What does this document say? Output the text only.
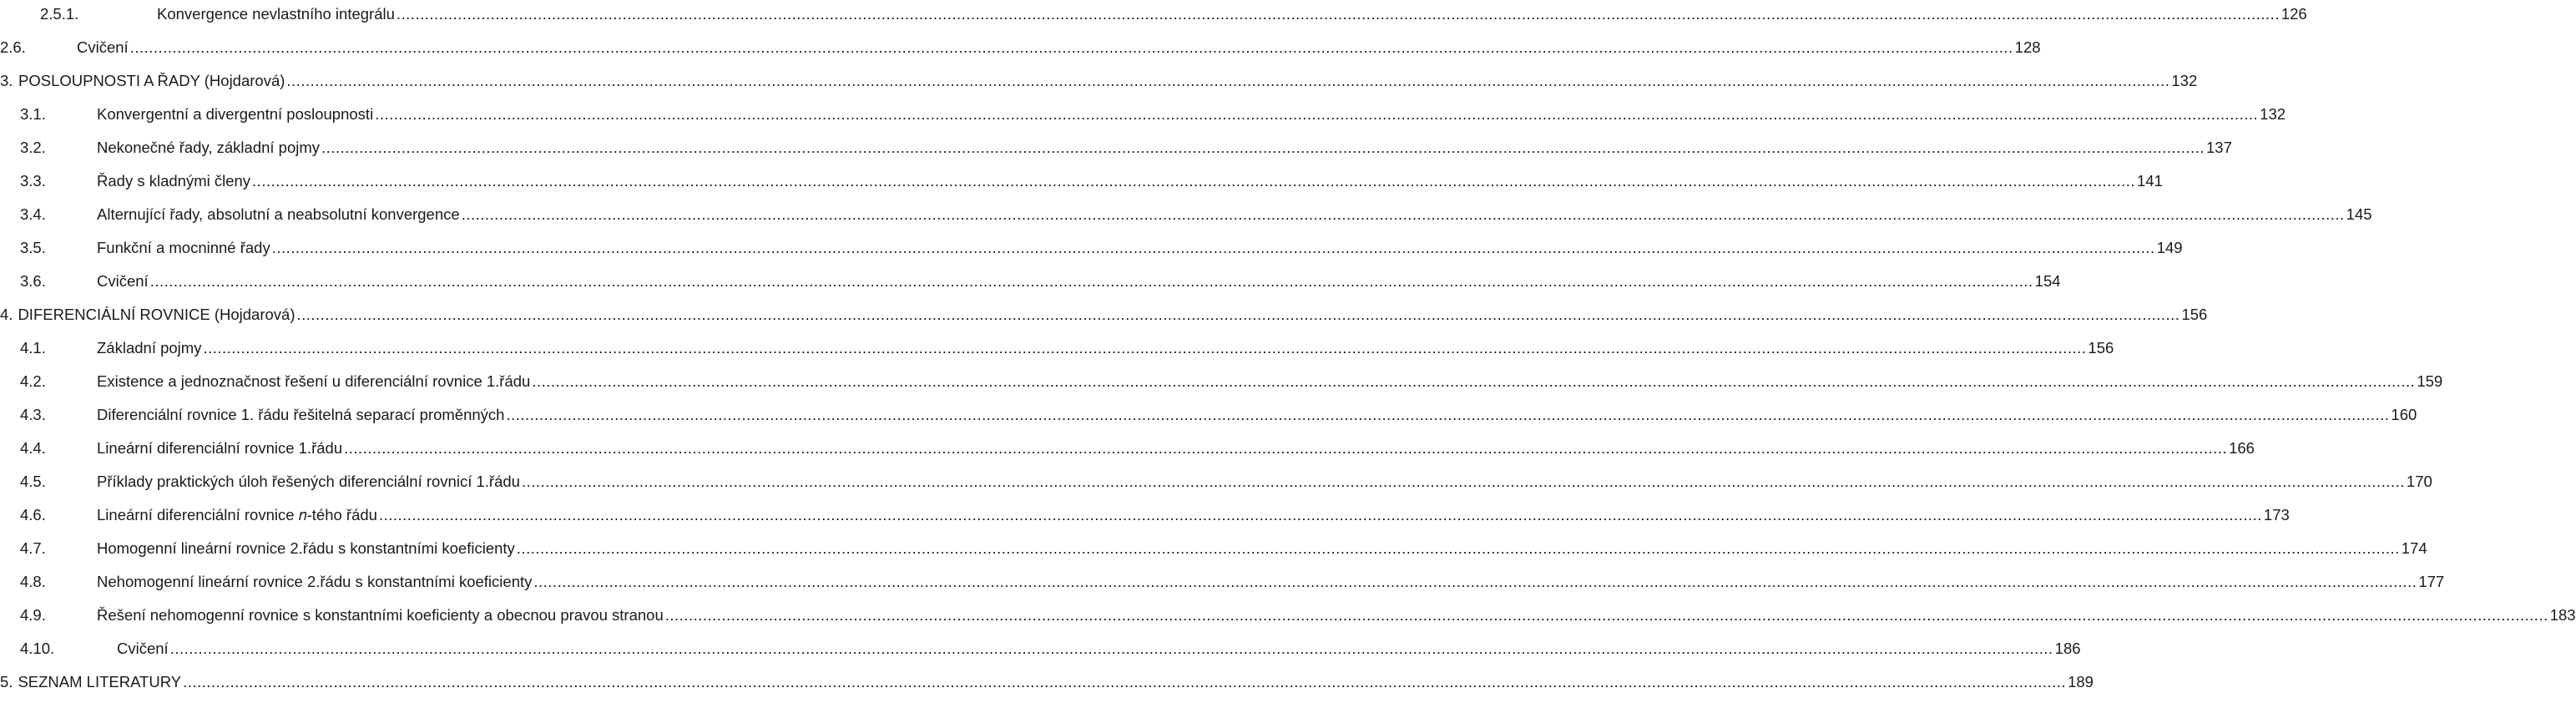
2.5.1.	Konvergence nevlastního integrálu ................................................................................................................................................................................................................................................................................................................................................................................................................ 126
2.6.	Cvičení ................................................................................................................................................................................................................................................................................................................................................................................................................ 128
3. POSLOUPNOSTI A ŘADY (Hojdarová) ................................................................................................................................................................................................................................................................................................................................................................................................................ 132
3.1.	Konvergentní a divergentní posloupnosti ................................................................................................................................................................................................................................................................................................................................................................................................................ 132
3.2.	Nekonečné řady, základní pojmy ................................................................................................................................................................................................................................................................................................................................................................................................................ 137
3.3.	Řady s kladnými členy ................................................................................................................................................................................................................................................................................................................................................................................................................ 141
3.4.	Alternující řady, absolutní a neabsolutní konvergence ................................................................................................................................................................................................................................................................................................................................................................................................................ 145
3.5.	Funkční a mocninné řady ................................................................................................................................................................................................................................................................................................................................................................................................................ 149
3.6.	Cvičení ................................................................................................................................................................................................................................................................................................................................................................................................................ 154
4. DIFERENCIÁLNÍ ROVNICE (Hojdarová) ................................................................................................................................................................................................................................................................................................................................................................................................................ 156
4.1.	Základní pojmy ................................................................................................................................................................................................................................................................................................................................................................................................................ 156
4.2.	Existence a jednoznačnost řešení u diferenciální rovnice 1.řádu ................................................................................................................................................................................................................................................................................................................................................................................................................ 159
4.3.	Diferenciální rovnice 1. řádu řešitelná separací proměnných ................................................................................................................................................................................................................................................................................................................................................................................................................ 160
4.4.	Lineární diferenciální rovnice 1.řádu ................................................................................................................................................................................................................................................................................................................................................................................................................ 166
4.5.	Příklady praktických úloh řešených diferenciální rovnicí 1.řádu ................................................................................................................................................................................................................................................................................................................................................................................................................ 170
4.6.	Lineární diferenciální rovnice 𝑛-tého řádu ................................................................................................................................................................................................................................................................................................................................................................................................................ 173
4.7.	Homogenní lineární rovnice 2.řádu s konstantními koeficienty ................................................................................................................................................................................................................................................................................................................................................................................................................ 174
4.8.	Nehomogenní lineární rovnice 2.řádu s konstantními koeficienty ................................................................................................................................................................................................................................................................................................................................................................................................................ 177
4.9.	Řešení nehomogenní rovnice s konstantními koeficienty a obecnou pravou stranou ................................................................................................................................................................................................................................................................................................................................................................................................................ 183
4.10.	Cvičení ................................................................................................................................................................................................................................................................................................................................................................................................................ 186
5. SEZNAM LITERATURY ................................................................................................................................................................................................................................................................................................................................................................................................................ 189
